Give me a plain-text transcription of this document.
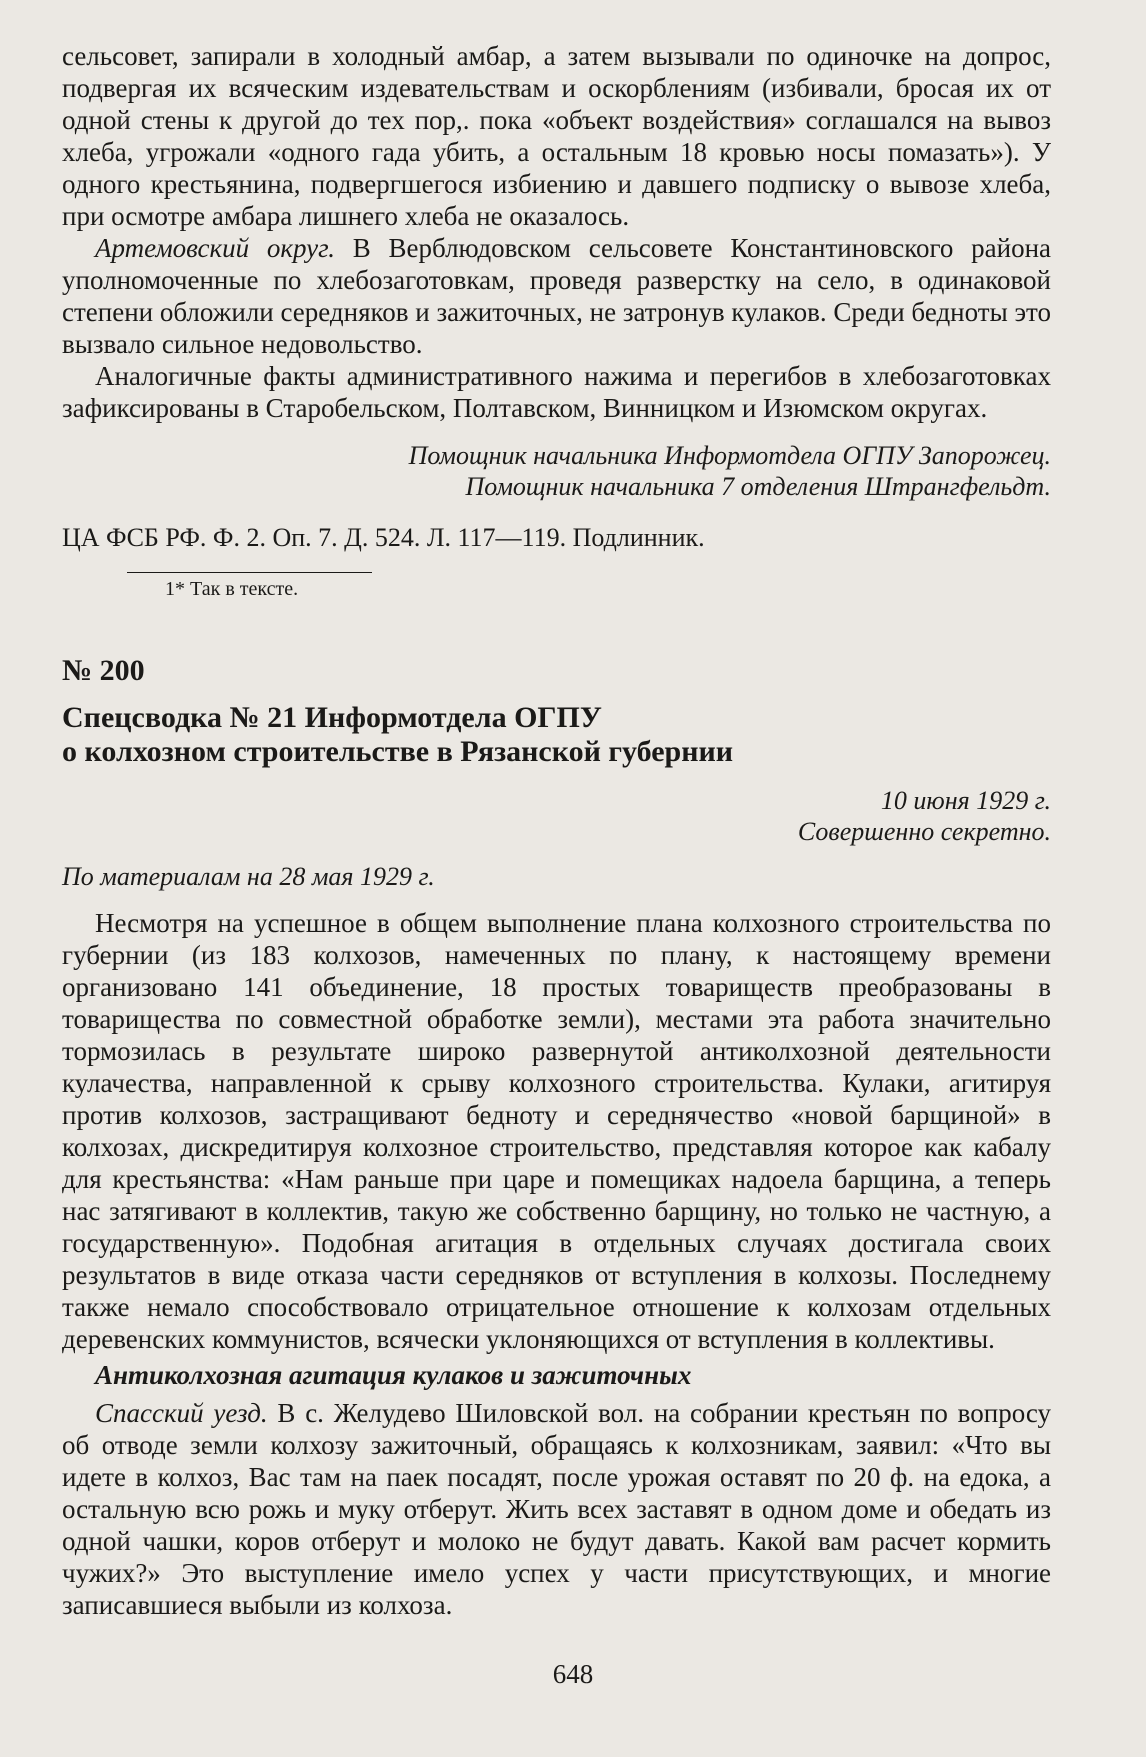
сельсовет, запирали в холодный амбар, а затем вызывали по одиночке на допрос, подвергая их всяческим издевательствам и оскорблениям (избивали, бросая их от одной стены к другой до тех пор,. пока «объект воздействия» соглашался на вывоз хлеба, угрожали «одного гада убить, а остальным 18 кровью носы помазать»). У одного крестьянина, подвергшегося избиению и давшего подписку о вывозе хлеба, при осмотре амбара лишнего хлеба не оказалось.

Артемовский округ. В Верблюдовском сельсовете Константиновского района уполномоченные по хлебозаготовкам, проведя разверстку на село, в одинаковой степени обложили середняков и зажиточных, не затронув кулаков. Среди бедноты это вызвало сильное недовольство.

Аналогичные факты административного нажима и перегибов в хлебозаготовках зафиксированы в Старобельском, Полтавском, Винницком и Изюмском округах.

Помощник начальника Информотдела ОГПУ Запорожец.

Помощник начальника 7 отделения Штрангфельдт.

ЦА ФСБ РФ. Ф. 2. Оп. 7. Д. 524. Л. 117—119. Подлинник.

1* Так в тексте.

№ 200

Спецсводка № 21 Информотдела ОГПУ

о колхозном строительстве в Рязанской губернии

10 июня 1929 г.

Совершенно секретно.

По материалам на 28 мая 1929 г.

Несмотря на успешное в общем выполнение плана колхозного строительства по губернии (из 183 колхозов, намеченных по плану, к настоящему времени организовано 141 объединение, 18 простых товариществ преобразованы в товарищества по совместной обработке земли), местами эта работа значительно тормозилась в результате широко развернутой антиколхозной деятельности кулачества, направленной к срыву колхозного строительства. Кулаки, агитируя против колхозов, застращивают бедноту и середнячество «новой барщиной» в колхозах, дискредитируя колхозное строительство, представляя которое как кабалу для крестьянства: «Нам раньше при царе и помещиках надоела барщина, а теперь нас затягивают в коллектив, такую же собственно барщину, но только не частную, а государственную». Подобная агитация в отдельных случаях достигала своих результатов в виде отказа части середняков от вступления в колхозы. Последнему также немало способствовало отрицательное отношение к колхозам отдельных деревенских коммунистов, всячески уклоняющихся от вступления в коллективы.

Антиколхозная агитация кулаков и зажиточных

Спасский уезд. В с. Желудево Шиловской вол. на собрании крестьян по вопросу об отводе земли колхозу зажиточный, обращаясь к колхозникам, заявил: «Что вы идете в колхоз, Вас там на паек посадят, после урожая оставят по 20 ф. на едока, а остальную всю рожь и муку отберут. Жить всех заставят в одном доме и обедать из одной чашки, коров отберут и молоко не будут давать. Какой вам расчет кормить чужих?» Это выступление имело успех у части присутствующих, и многие записавшиеся выбыли из колхоза.

648
